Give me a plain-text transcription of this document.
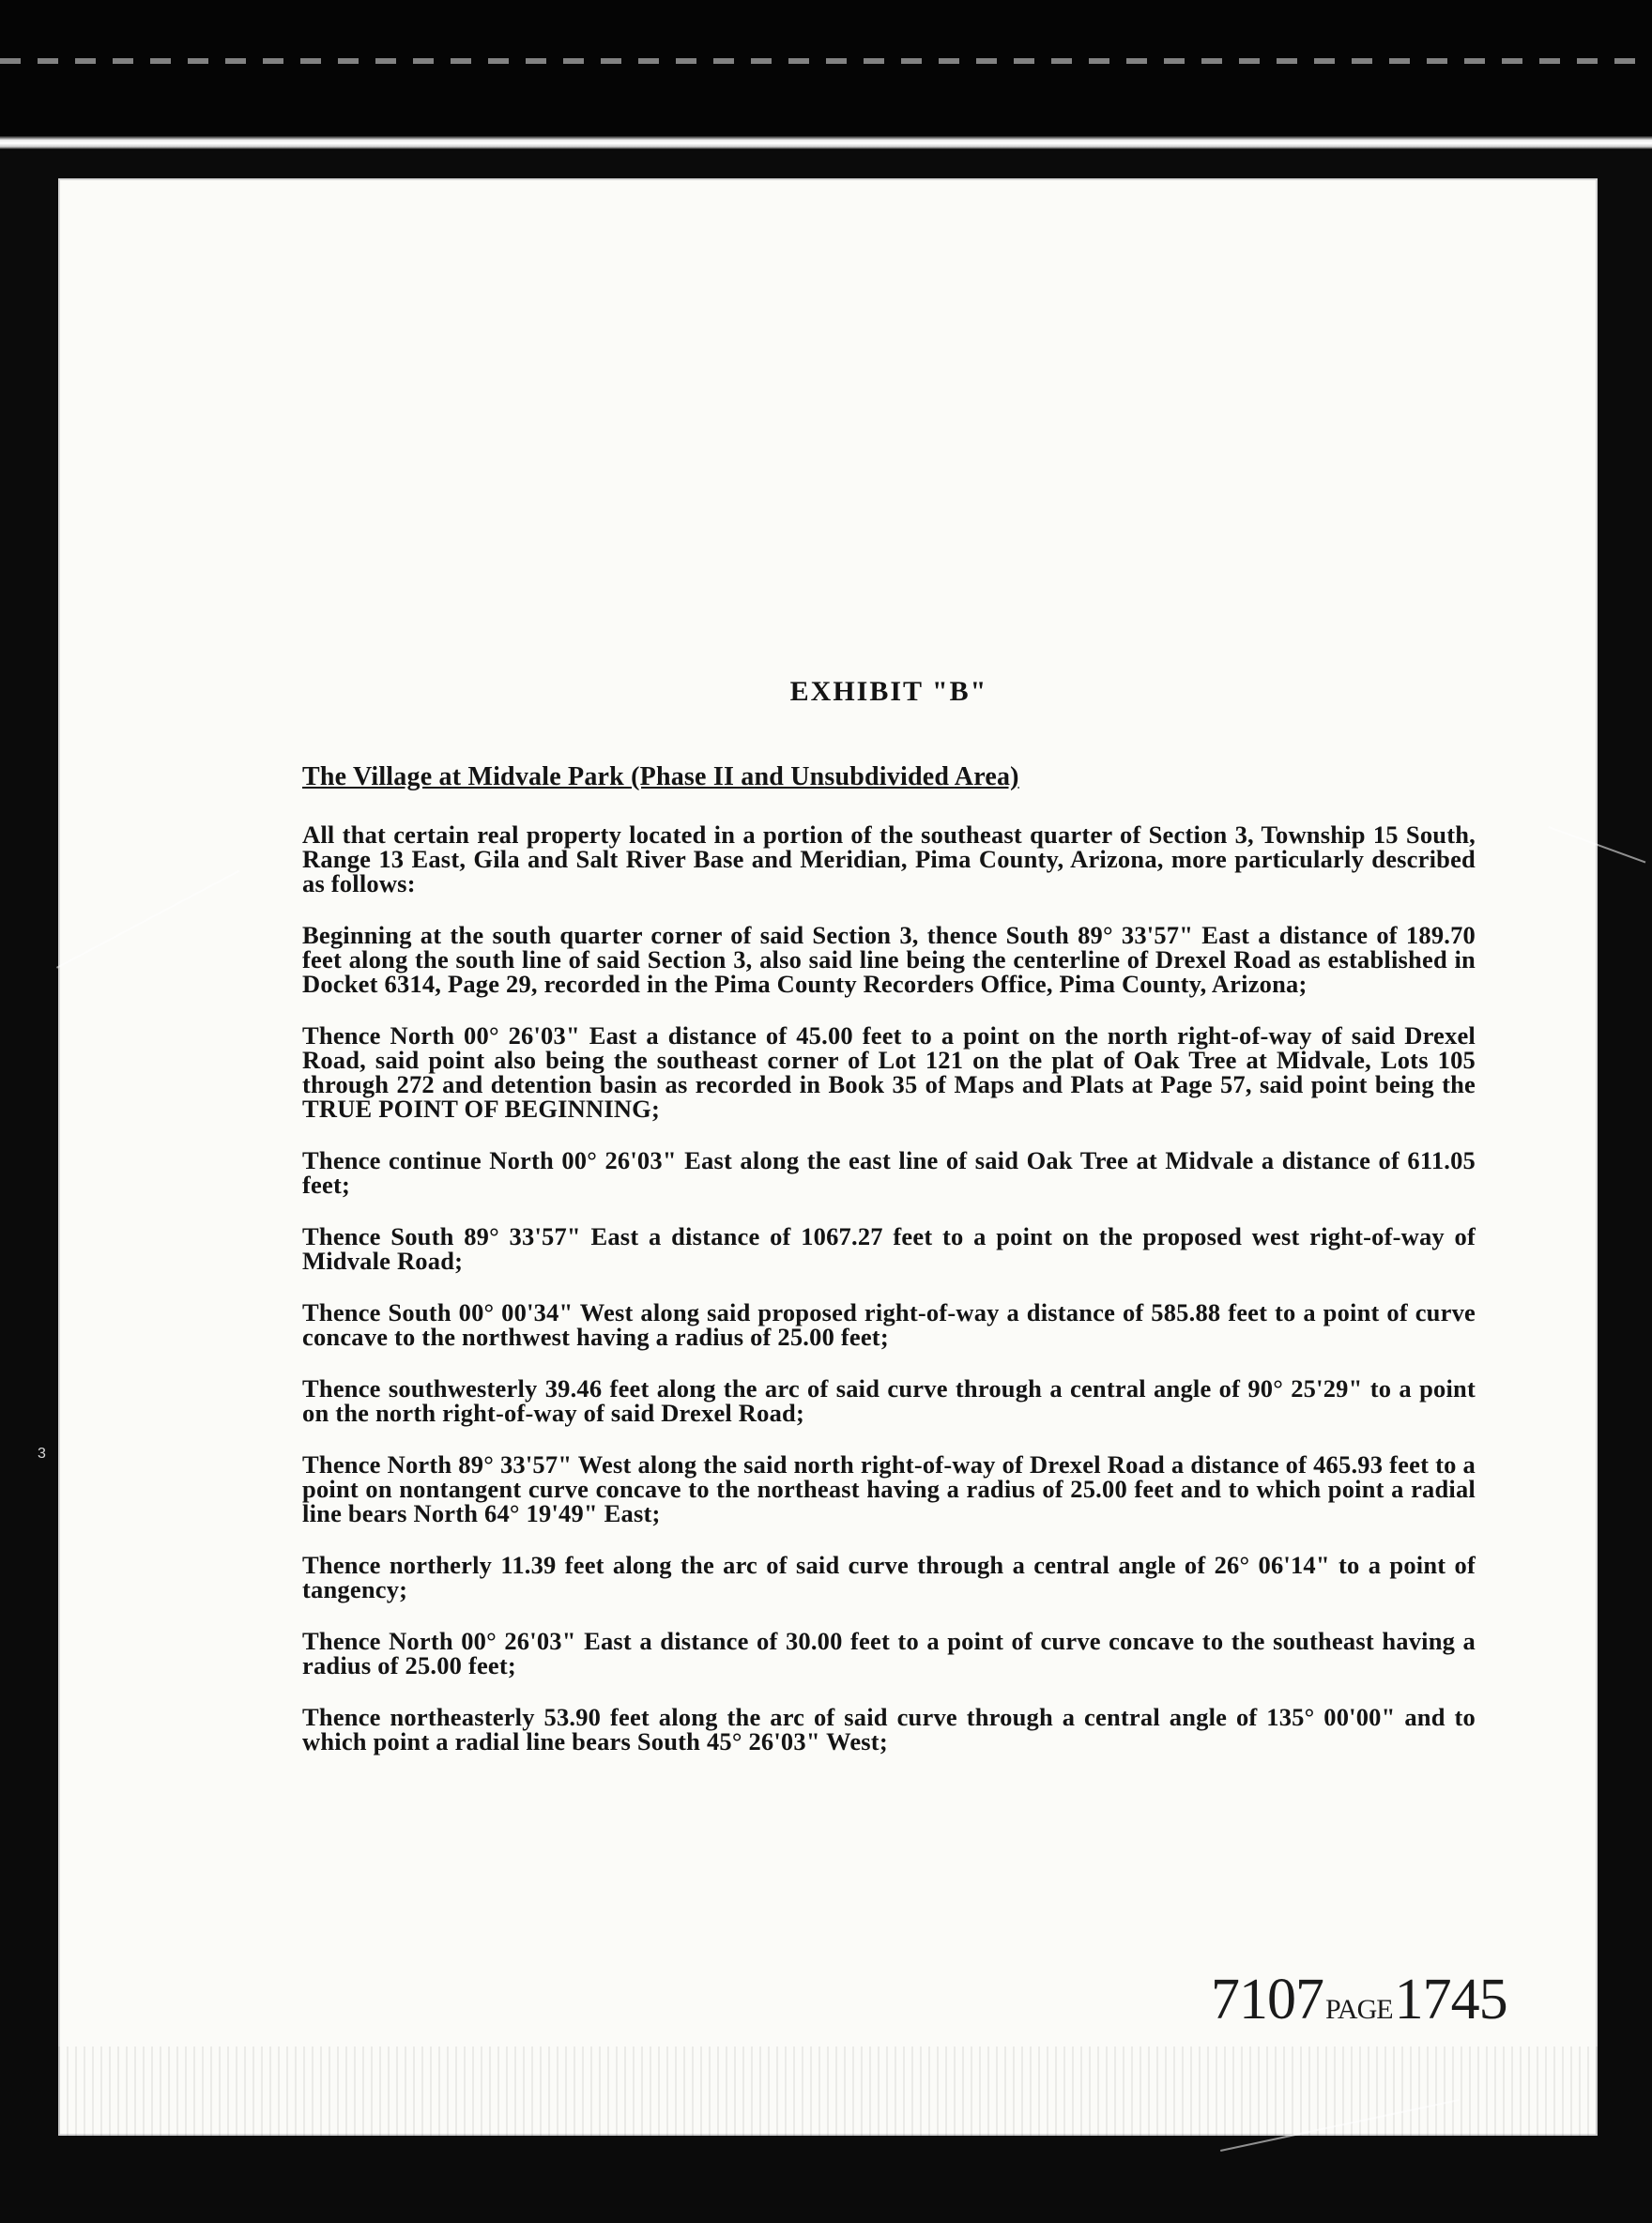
3
EXHIBIT "B"
The Village at Midvale Park (Phase II and Unsubdivided Area)

All that certain real property located in a portion of the southeast quarter of Section 3, Township 15 South, Range 13 East, Gila and Salt River Base and Meridian, Pima County, Arizona, more particularly described as follows:

Beginning at the south quarter corner of said Section 3, thence South 89° 33'57" East a distance of 189.70 feet along the south line of said Section 3, also said line being the centerline of Drexel Road as established in Docket 6314, Page 29, recorded in the Pima County Recorders Office, Pima County, Arizona;

Thence North 00° 26'03" East a distance of 45.00 feet to a point on the north right-of-way of said Drexel Road, said point also being the southeast corner of Lot 121 on the plat of Oak Tree at Midvale, Lots 105 through 272 and detention basin as recorded in Book 35 of Maps and Plats at Page 57, said point being the TRUE POINT OF BEGINNING;

Thence continue North 00° 26'03" East along the east line of said Oak Tree at Midvale a distance of 611.05 feet;

Thence South 89° 33'57" East a distance of 1067.27 feet to a point on the proposed west right-of-way of Midvale Road;

Thence South 00° 00'34" West along said proposed right-of-way a distance of 585.88 feet to a point of curve concave to the northwest having a radius of 25.00 feet;

Thence southwesterly 39.46 feet along the arc of said curve through a central angle of 90° 25'29" to a point on the north right-of-way of said Drexel Road;

Thence North 89° 33'57" West along the said north right-of-way of Drexel Road a distance of 465.93 feet to a point on nontangent curve concave to the northeast having a radius of 25.00 feet and to which point a radial line bears North 64° 19'49" East;

Thence northerly 11.39 feet along the arc of said curve through a central angle of 26° 06'14" to a point of tangency;

Thence North 00° 26'03" East a distance of 30.00 feet to a point of curve concave to the southeast having a radius of 25.00 feet;

Thence northeasterly 53.90 feet along the arc of said curve through a central angle of 135° 00'00" and to which point a radial line bears South 45° 26'03" West;

7107PAGE1745
